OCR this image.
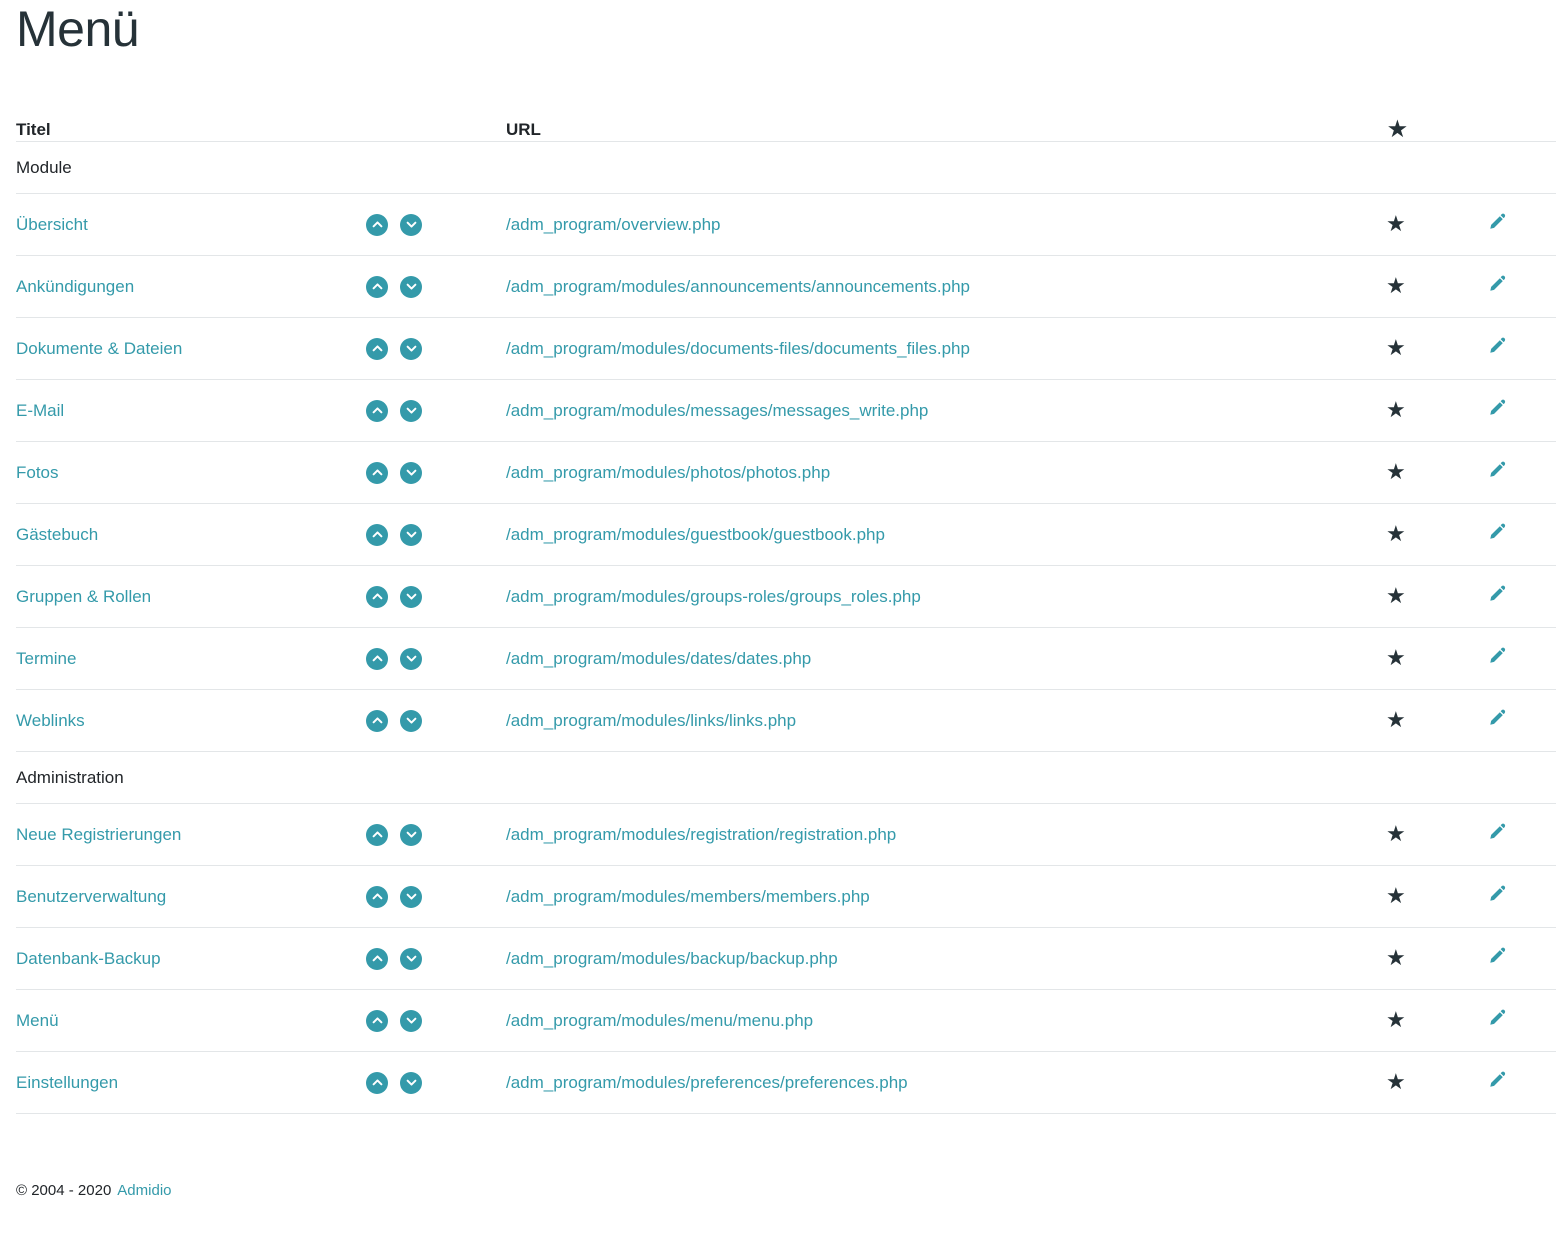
Menü
Titel		URL	★	
Module				
Übersicht		/adm_program/overview.php	★	

Ankündigungen		/adm_program/modules/announcements/announcements.php	★	

Dokumente & Dateien		/adm_program/modules/documents-files/documents_files.php	★	

E-Mail		/adm_program/modules/messages/messages_write.php	★	

Fotos		/adm_program/modules/photos/photos.php	★	

Gästebuch		/adm_program/modules/guestbook/guestbook.php	★	

Gruppen & Rollen		/adm_program/modules/groups-roles/groups_roles.php	★	

Termine		/adm_program/modules/dates/dates.php	★	

Weblinks		/adm_program/modules/links/links.php	★	

Administration				
Neue Registrierungen		/adm_program/modules/registration/registration.php	★	

Benutzerverwaltung		/adm_program/modules/members/members.php	★	

Datenbank-Backup		/adm_program/modules/backup/backup.php	★	

Menü		/adm_program/modules/menu/menu.php	★	

Einstellungen		/adm_program/modules/preferences/preferences.php	★	
© 2004 - 2020 Admidio
